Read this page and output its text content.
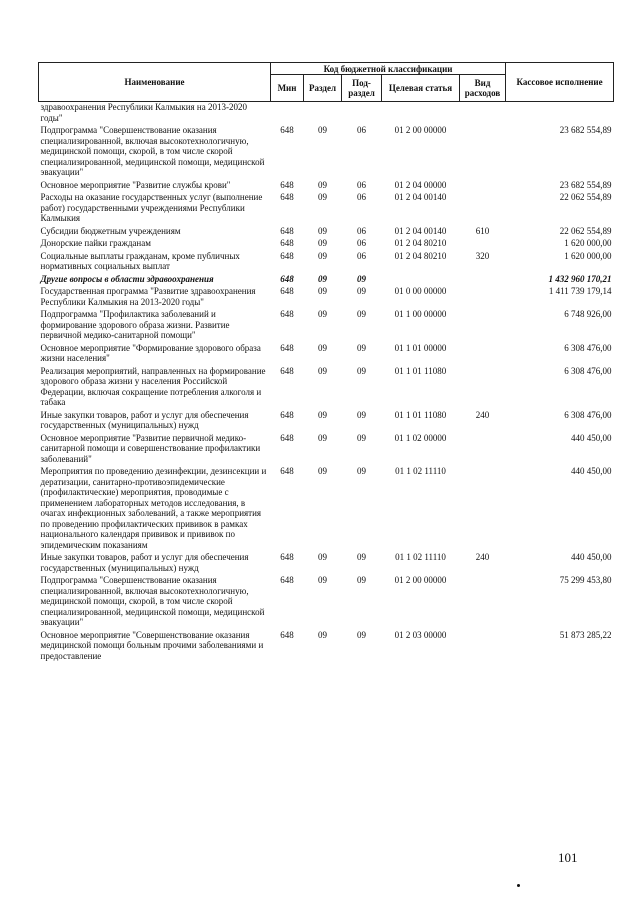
Наименование	Код бюджетной классификации					Кассовое исполнение
	Мин	Раздел	Под-раздел	Целевая статья	Вид расходов	
здравоохранения Республики Калмыкия на 2013-2020 годы"						
Подпрограмма "Совершенствование оказания специализированной, включая высокотехнологичную, медицинской помощи, скорой, в том числе скорой специализированной, медицинской помощи, медицинской эвакуации"	648	09	06	01 2 00 00000		23 682 554,89
Основное мероприятие "Развитие службы крови"	648	09	06	01 2 04 00000		23 682 554,89
Расходы на оказание государственных услуг (выполнение работ) государственными учреждениями Республики Калмыкия	648	09	06	01 2 04 00140		22 062 554,89
Субсидии бюджетным учреждениям	648	09	06	01 2 04 00140	610	22 062 554,89
Донорские пайки гражданам	648	09	06	01 2 04 80210		1 620 000,00
Социальные выплаты гражданам, кроме публичных нормативных социальных выплат	648	09	06	01 2 04 80210	320	1 620 000,00
Другие вопросы в области здравоохранения	648	09	09			1 432 960 170,21
Государственная программа "Развитие здравоохранения Республики Калмыкия на 2013-2020 годы"	648	09	09	01 0 00 00000		1 411 739 179,14
Подпрограмма "Профилактика заболеваний и формирование здорового образа жизни. Развитие первичной медико-санитарной помощи"	648	09	09	01 1 00 00000		6 748 926,00
Основное мероприятие "Формирование здорового образа жизни населения"	648	09	09	01 1 01 00000		6 308 476,00
Реализация мероприятий, направленных на формирование здорового образа жизни у населения Российской Федерации, включая сокращение потребления алкоголя и табака	648	09	09	01 1 01 11080		6 308 476,00
Иные закупки товаров, работ и услуг для обеспечения государственных (муниципальных) нужд	648	09	09	01 1 01 11080	240	6 308 476,00
Основное мероприятие "Развитие первичной медико-санитарной помощи и совершенствование профилактики заболеваний"	648	09	09	01 1 02 00000		440 450,00
Мероприятия по проведению дезинфекции, дезинсекции и дератизации, санитарно-противоэпидемические (профилактические) мероприятия, проводимые с применением лабораторных методов исследования, в очагах инфекционных заболеваний, а также мероприятия по проведению профилактических прививок в рамках национального календаря прививок и прививок по эпидемическим показаниям	648	09	09	01 1 02 11110		440 450,00
Иные закупки товаров, работ и услуг для обеспечения государственных (муниципальных) нужд	648	09	09	01 1 02 11110	240	440 450,00
Подпрограмма "Совершенствование оказания специализированной, включая высокотехнологичную, медицинской помощи, скорой, в том числе скорой специализированной, медицинской помощи, медицинской эвакуации"	648	09	09	01 2 00 00000		75 299 453,80
Основное мероприятие "Совершенствование оказания медицинской помощи больным прочими заболеваниями и предоставление	648	09	09	01 2 03 00000		51 873 285,22
101
